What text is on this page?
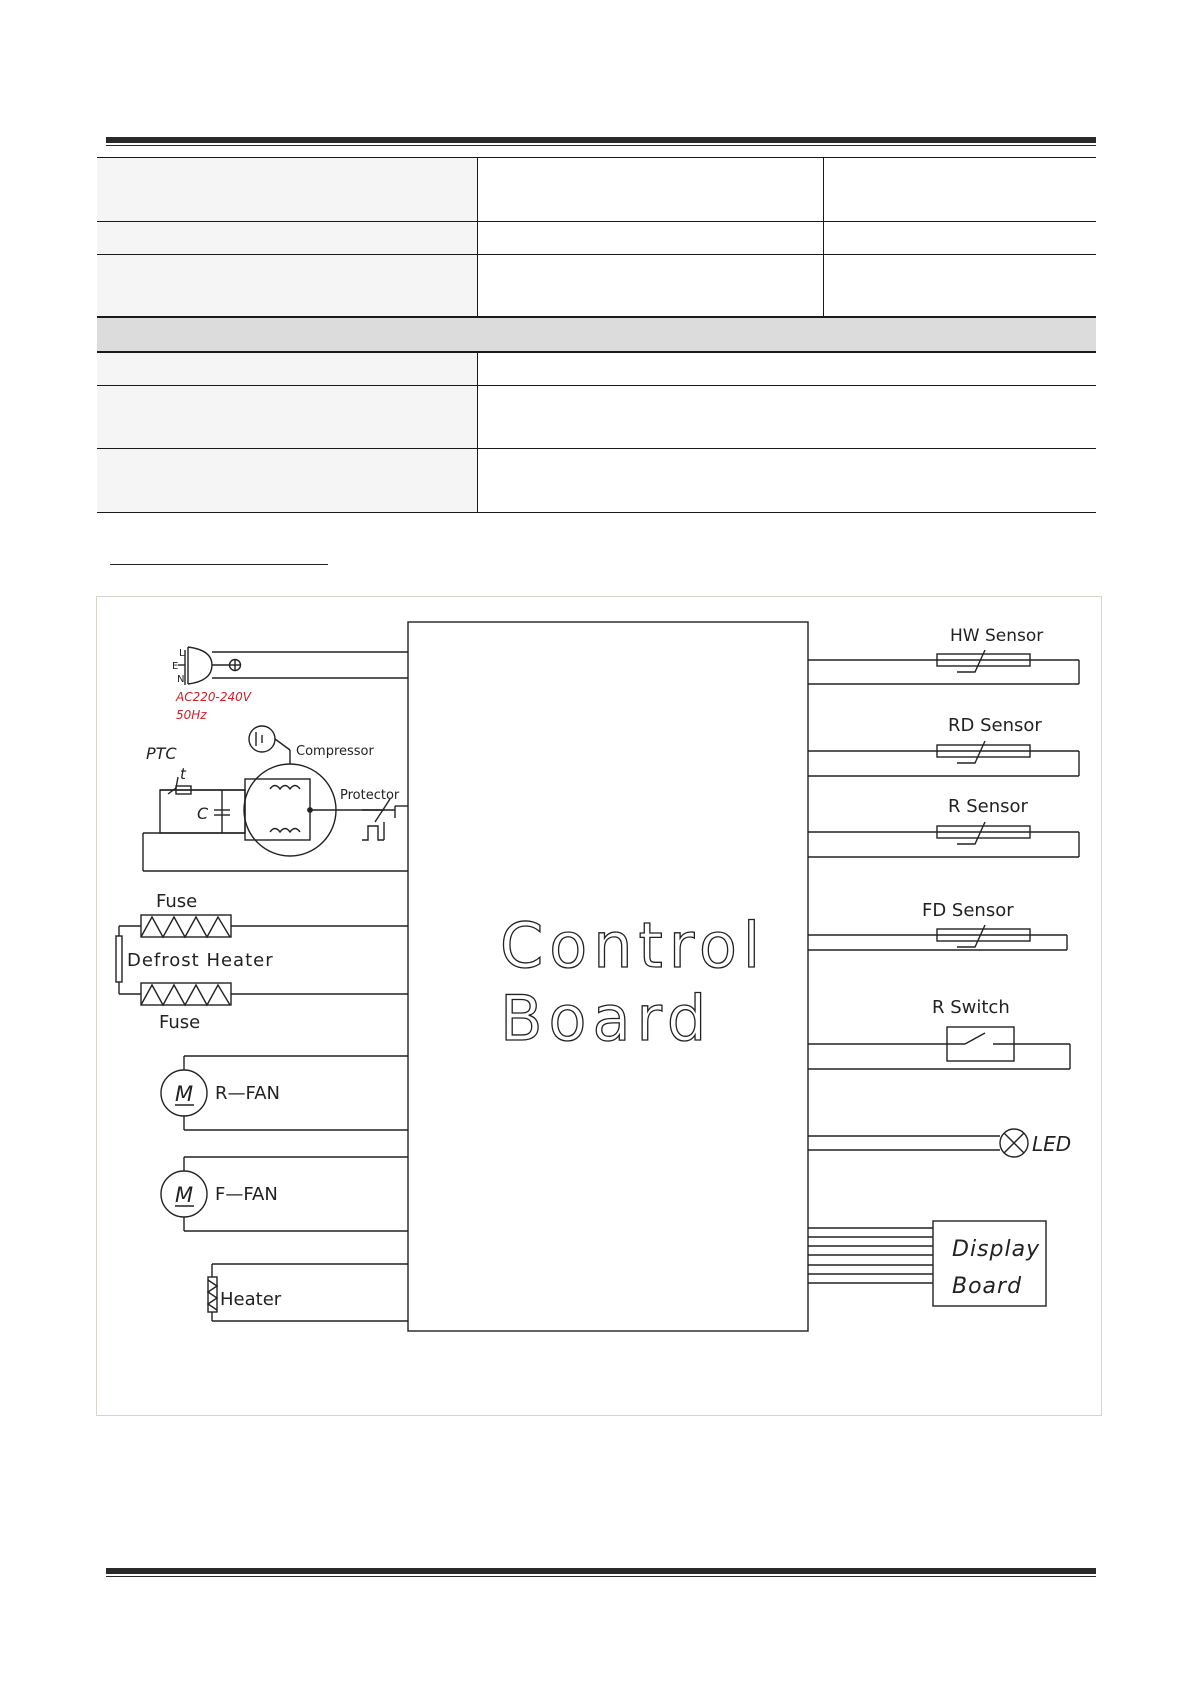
Control
Board
L
E
N
AC220-240V
50Hz
PTC
t
C
Compressor
Protector
Fuse
Defrost Heater
Fuse
M R—FAN
M F—FAN
Heater
HW Sensor
RD Sensor
R Sensor
FD Sensor
R Switch
LED
Display
Board
